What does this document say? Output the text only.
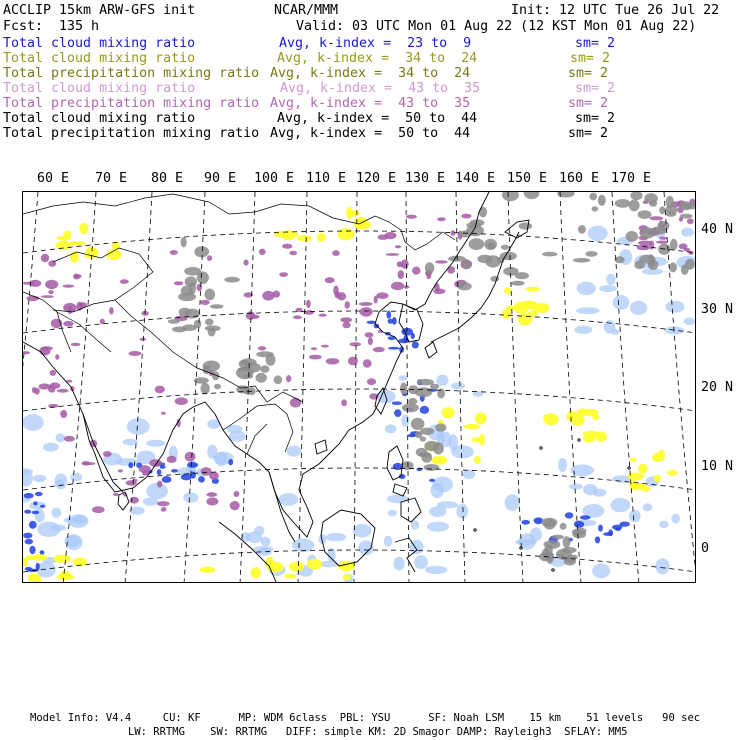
ACCLIP 15km ARW-GFS init	NCAR/MMM	Init: 12 UTC Tue 26 Jul 22
Fcst:  135 h	Valid: 03 UTC Mon 01 Aug 22 (12 KST Mon 01 Aug 22)
Total cloud mixing ratio	Avg, k-index =  23 to  9	sm= 2
Total cloud mixing ratio	Avg, k-index =  34 to  24	sm= 2
Total precipitation mixing ratio Avg, k-index =  34 to  24	sm= 2
Total cloud mixing ratio	Avg, k-index =  43 to  35	sm= 2
Total precipitation mixing ratio Avg, k-index =  43 to  35	sm= 2
Total cloud mixing ratio	Avg, k-index =  50 to  44	sm= 2
Total precipitation mixing ratio Avg, k-index =  50 to  44	sm= 2
60 E 70 E 80 E 90 E 100 E 110 E 120 E 130 E 140 E 150 E 160 E 170 E
40 N
30 N
20 N
10 N
0
Model Info: V4.4     CU: KF      MP: WDM 6class  PBL: YSU      SF: Noah LSM    15 km    51 levels   90 sec
LW: RRTMG    SW: RRTMG   DIFF: simple KM: 2D Smagor DAMP: Rayleigh3  SFLAY: MM5
